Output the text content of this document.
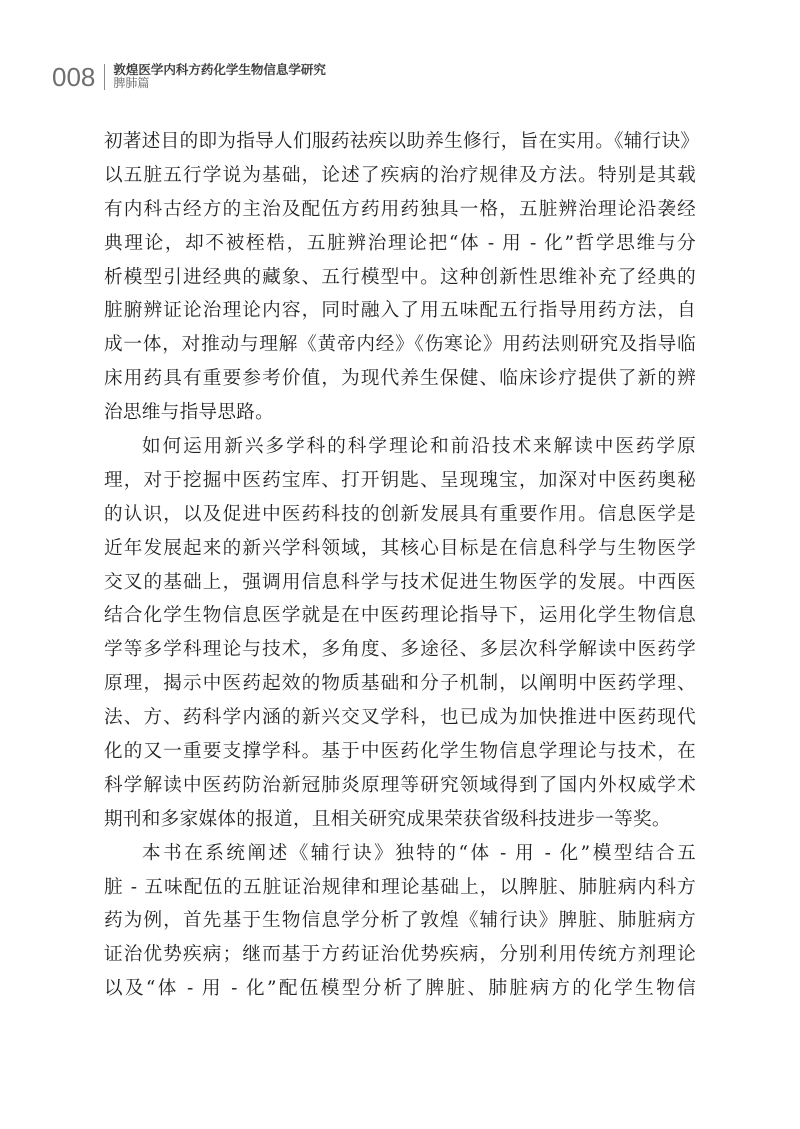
008 敦煌医学内科方药化学生物信息学研究
脾肺篇
初著述目的即为指导人们服药祛疾以助养生修行，旨在实用。《辅行诀》
以五脏五行学说为基础，论述了疾病的治疗规律及方法。特别是其载
有内科古经方的主治及配伍方药用药独具一格，五脏辨治理论沿袭经
典理论，却不被桎梏，五脏辨治理论把“体 - 用 - 化”哲学思维与分
析模型引进经典的藏象、五行模型中。这种创新性思维补充了经典的
脏腑辨证论治理论内容，同时融入了用五味配五行指导用药方法，自
成一体，对推动与理解《黄帝内经》《伤寒论》用药法则研究及指导临
床用药具有重要参考价值，为现代养生保健、临床诊疗提供了新的辨
治思维与指导思路。
如何运用新兴多学科的科学理论和前沿技术来解读中医药学原
理，对于挖掘中医药宝库、打开钥匙、呈现瑰宝，加深对中医药奥秘
的认识，以及促进中医药科技的创新发展具有重要作用。信息医学是
近年发展起来的新兴学科领域，其核心目标是在信息科学与生物医学
交叉的基础上，强调用信息科学与技术促进生物医学的发展。中西医
结合化学生物信息医学就是在中医药理论指导下，运用化学生物信息
学等多学科理论与技术，多角度、多途径、多层次科学解读中医药学
原理，揭示中医药起效的物质基础和分子机制，以阐明中医药学理、
法、方、药科学内涵的新兴交叉学科，也已成为加快推进中医药现代
化的又一重要支撑学科。基于中医药化学生物信息学理论与技术，在
科学解读中医药防治新冠肺炎原理等研究领域得到了国内外权威学术
期刊和多家媒体的报道，且相关研究成果荣获省级科技进步一等奖。
本书在系统阐述《辅行诀》独特的“体 - 用 - 化”模型结合五
脏 - 五味配伍的五脏证治规律和理论基础上，以脾脏、肺脏病内科方
药为例，首先基于生物信息学分析了敦煌《辅行诀》脾脏、肺脏病方
证治优势疾病；继而基于方药证治优势疾病，分别利用传统方剂理论
以及“体 - 用 - 化”配伍模型分析了脾脏、肺脏病方的化学生物信
